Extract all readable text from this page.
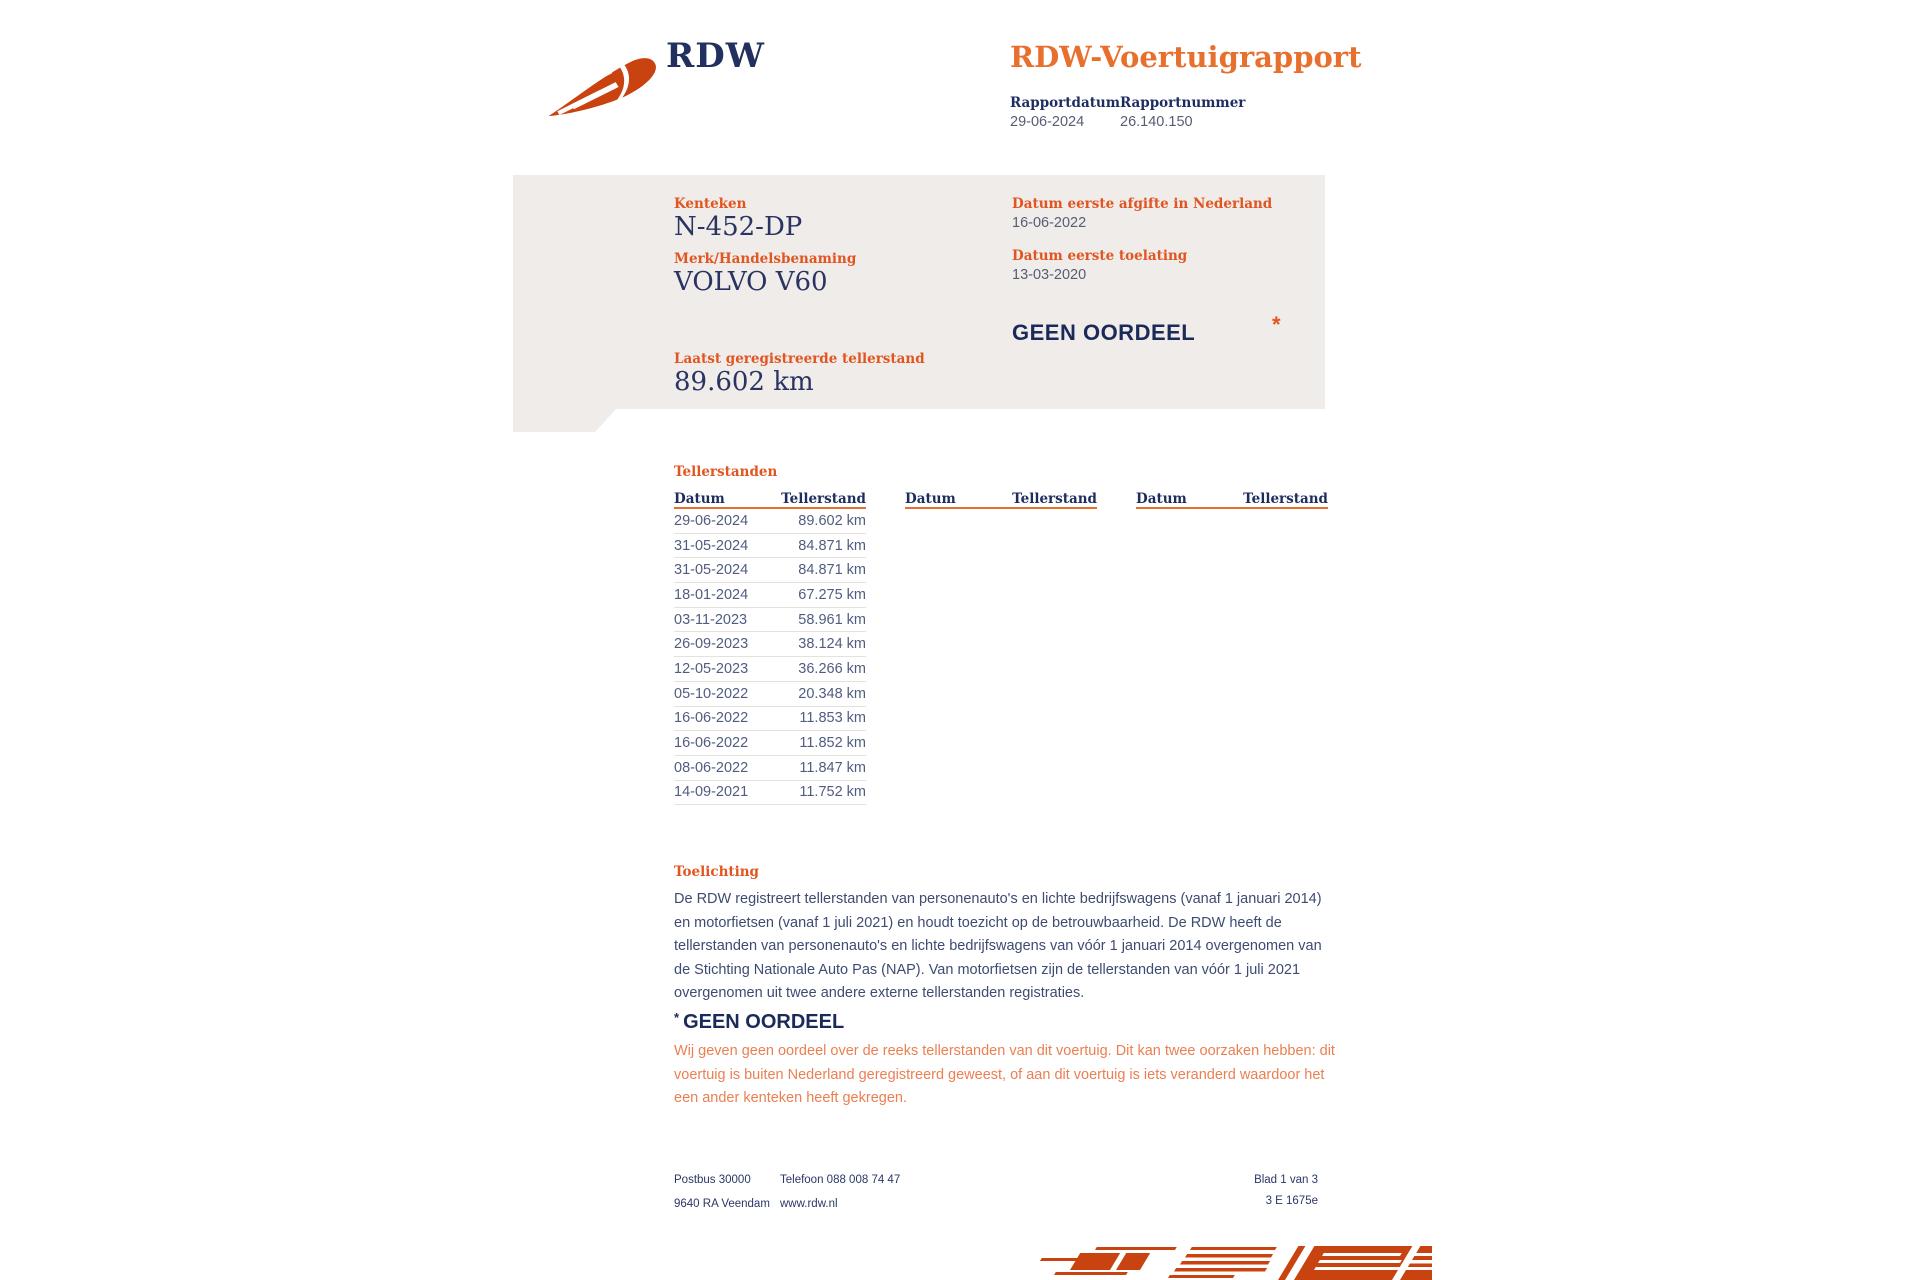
RDW	RDW-Voertuigrapport
Rapportdatum
29-06-2024
Rapportnummer
26.140.150
Kenteken
N-452-DP
Merk/Handelsbenaming
VOLVO V60
Datum eerste afgifte in Nederland
16-06-2022
Datum eerste toelating
13-03-2020
GEEN OORDEEL	*
Laatst geregistreerde tellerstand
89.602 km
Tellerstanden
Datum	Tellerstand
29-06-2024	89.602 km
31-05-2024	84.871 km
31-05-2024	84.871 km
18-01-2024	67.275 km
03-11-2023	58.961 km
26-09-2023	38.124 km
12-05-2023	36.266 km
05-10-2022	20.348 km
16-06-2022	11.853 km
16-06-2022	11.852 km
08-06-2022	11.847 km
14-09-2021	11.752 km
Datum	Tellerstand	Datum	Tellerstand
Toelichting
De RDW registreert tellerstanden van personenauto's en lichte bedrijfswagens (vanaf 1 januari 2014) en motorfietsen (vanaf 1 juli 2021) en houdt toezicht op de betrouwbaarheid. De RDW heeft de tellerstanden van personenauto's en lichte bedrijfswagens van vóór 1 januari 2014 overgenomen van de Stichting Nationale Auto Pas (NAP). Van motorfietsen zijn de tellerstanden van vóór 1 juli 2021 overgenomen uit twee andere externe tellerstanden registraties.
* GEEN OORDEEL
Wij geven geen oordeel over de reeks tellerstanden van dit voertuig. Dit kan twee oorzaken hebben: dit voertuig is buiten Nederland geregistreerd geweest, of aan dit voertuig is iets veranderd waardoor het een ander kenteken heeft gekregen.
Postbus 30000
9640 RA Veendam
Telefoon 088 008 74 47
www.rdw.nl
Blad 1 van 3
3 E 1675e
